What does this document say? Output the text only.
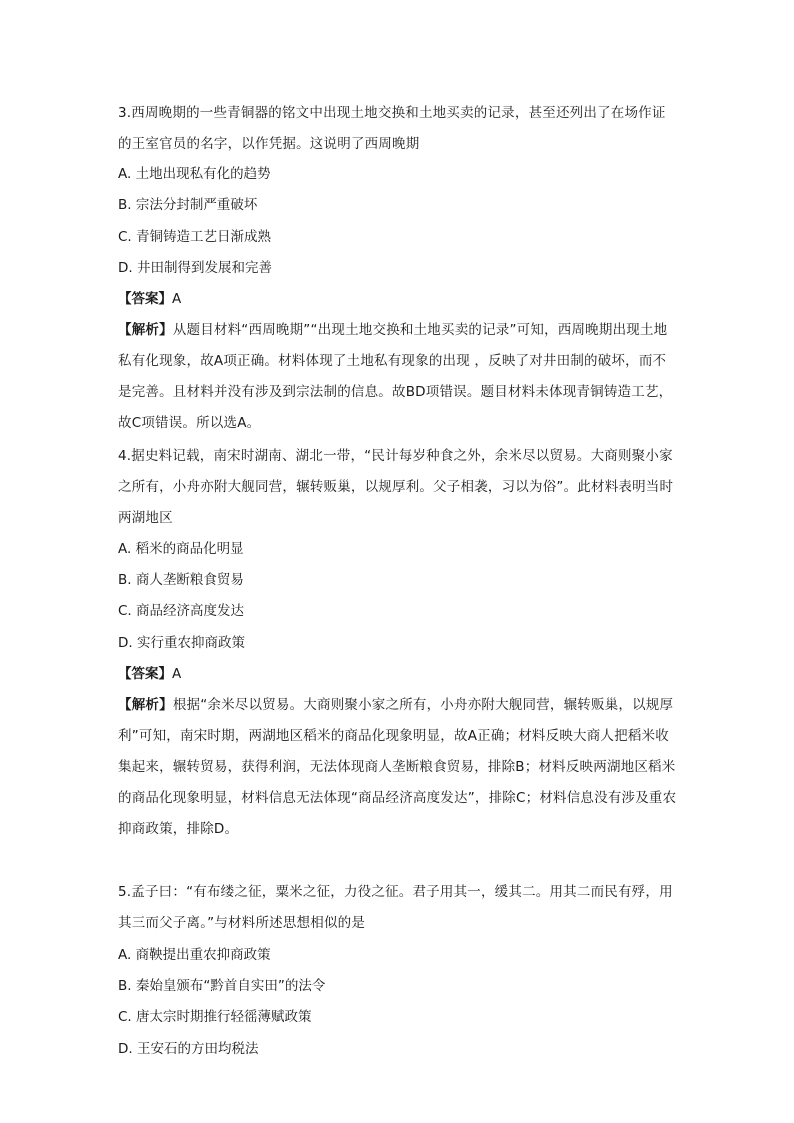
3.西周晚期的一些青铜器的铭文中出现土地交换和土地买卖的记录，甚至还列出了在场作证的王室官员的名字，以作凭据。这说明了西周晚期

A. 土地出现私有化的趋势

B. 宗法分封制严重破坏

C. 青铜铸造工艺日渐成熟

D. 井田制得到发展和完善

【答案】A

【解析】从题目材料“西周晚期”“出现土地交换和土地买卖的记录”可知，西周晚期出现土地私有化现象，故A项正确。材料体现了土地私有现象的出现 ，反映了对井田制的破坏，而不是完善。且材料并没有涉及到宗法制的信息。故BD项错误。题目材料未体现青铜铸造工艺，故C项错误。所以选A。

4.据史料记载，南宋时湖南、湖北一带，“民计每岁种食之外，余米尽以贸易。大商则聚小家之所有，小舟亦附大舰同营，辗转贩巢，以规厚利。父子相袭，习以为俗”。此材料表明当时两湖地区

A. 稻米的商品化明显

B. 商人垄断粮食贸易

C. 商品经济高度发达

D. 实行重农抑商政策

【答案】A

【解析】根据“余米尽以贸易。大商则聚小家之所有，小舟亦附大舰同营，辗转贩巢，以规厚利”可知，南宋时期，两湖地区稻米的商品化现象明显，故A正确；材料反映大商人把稻米收集起来，辗转贸易，获得利润，无法体现商人垄断粮食贸易，排除B；材料反映两湖地区稻米的商品化现象明显，材料信息无法体现“商品经济高度发达”，排除C；材料信息没有涉及重农抑商政策，排除D。

5.孟子曰：“有布缕之征，粟米之征，力役之征。君子用其一，缓其二。用其二而民有殍，用其三而父子离。”与材料所述思想相似的是

A. 商鞅提出重农抑商政策

B. 秦始皇颁布“黔首自实田”的法令

C. 唐太宗时期推行轻徭薄赋政策

D. 王安石的方田均税法
